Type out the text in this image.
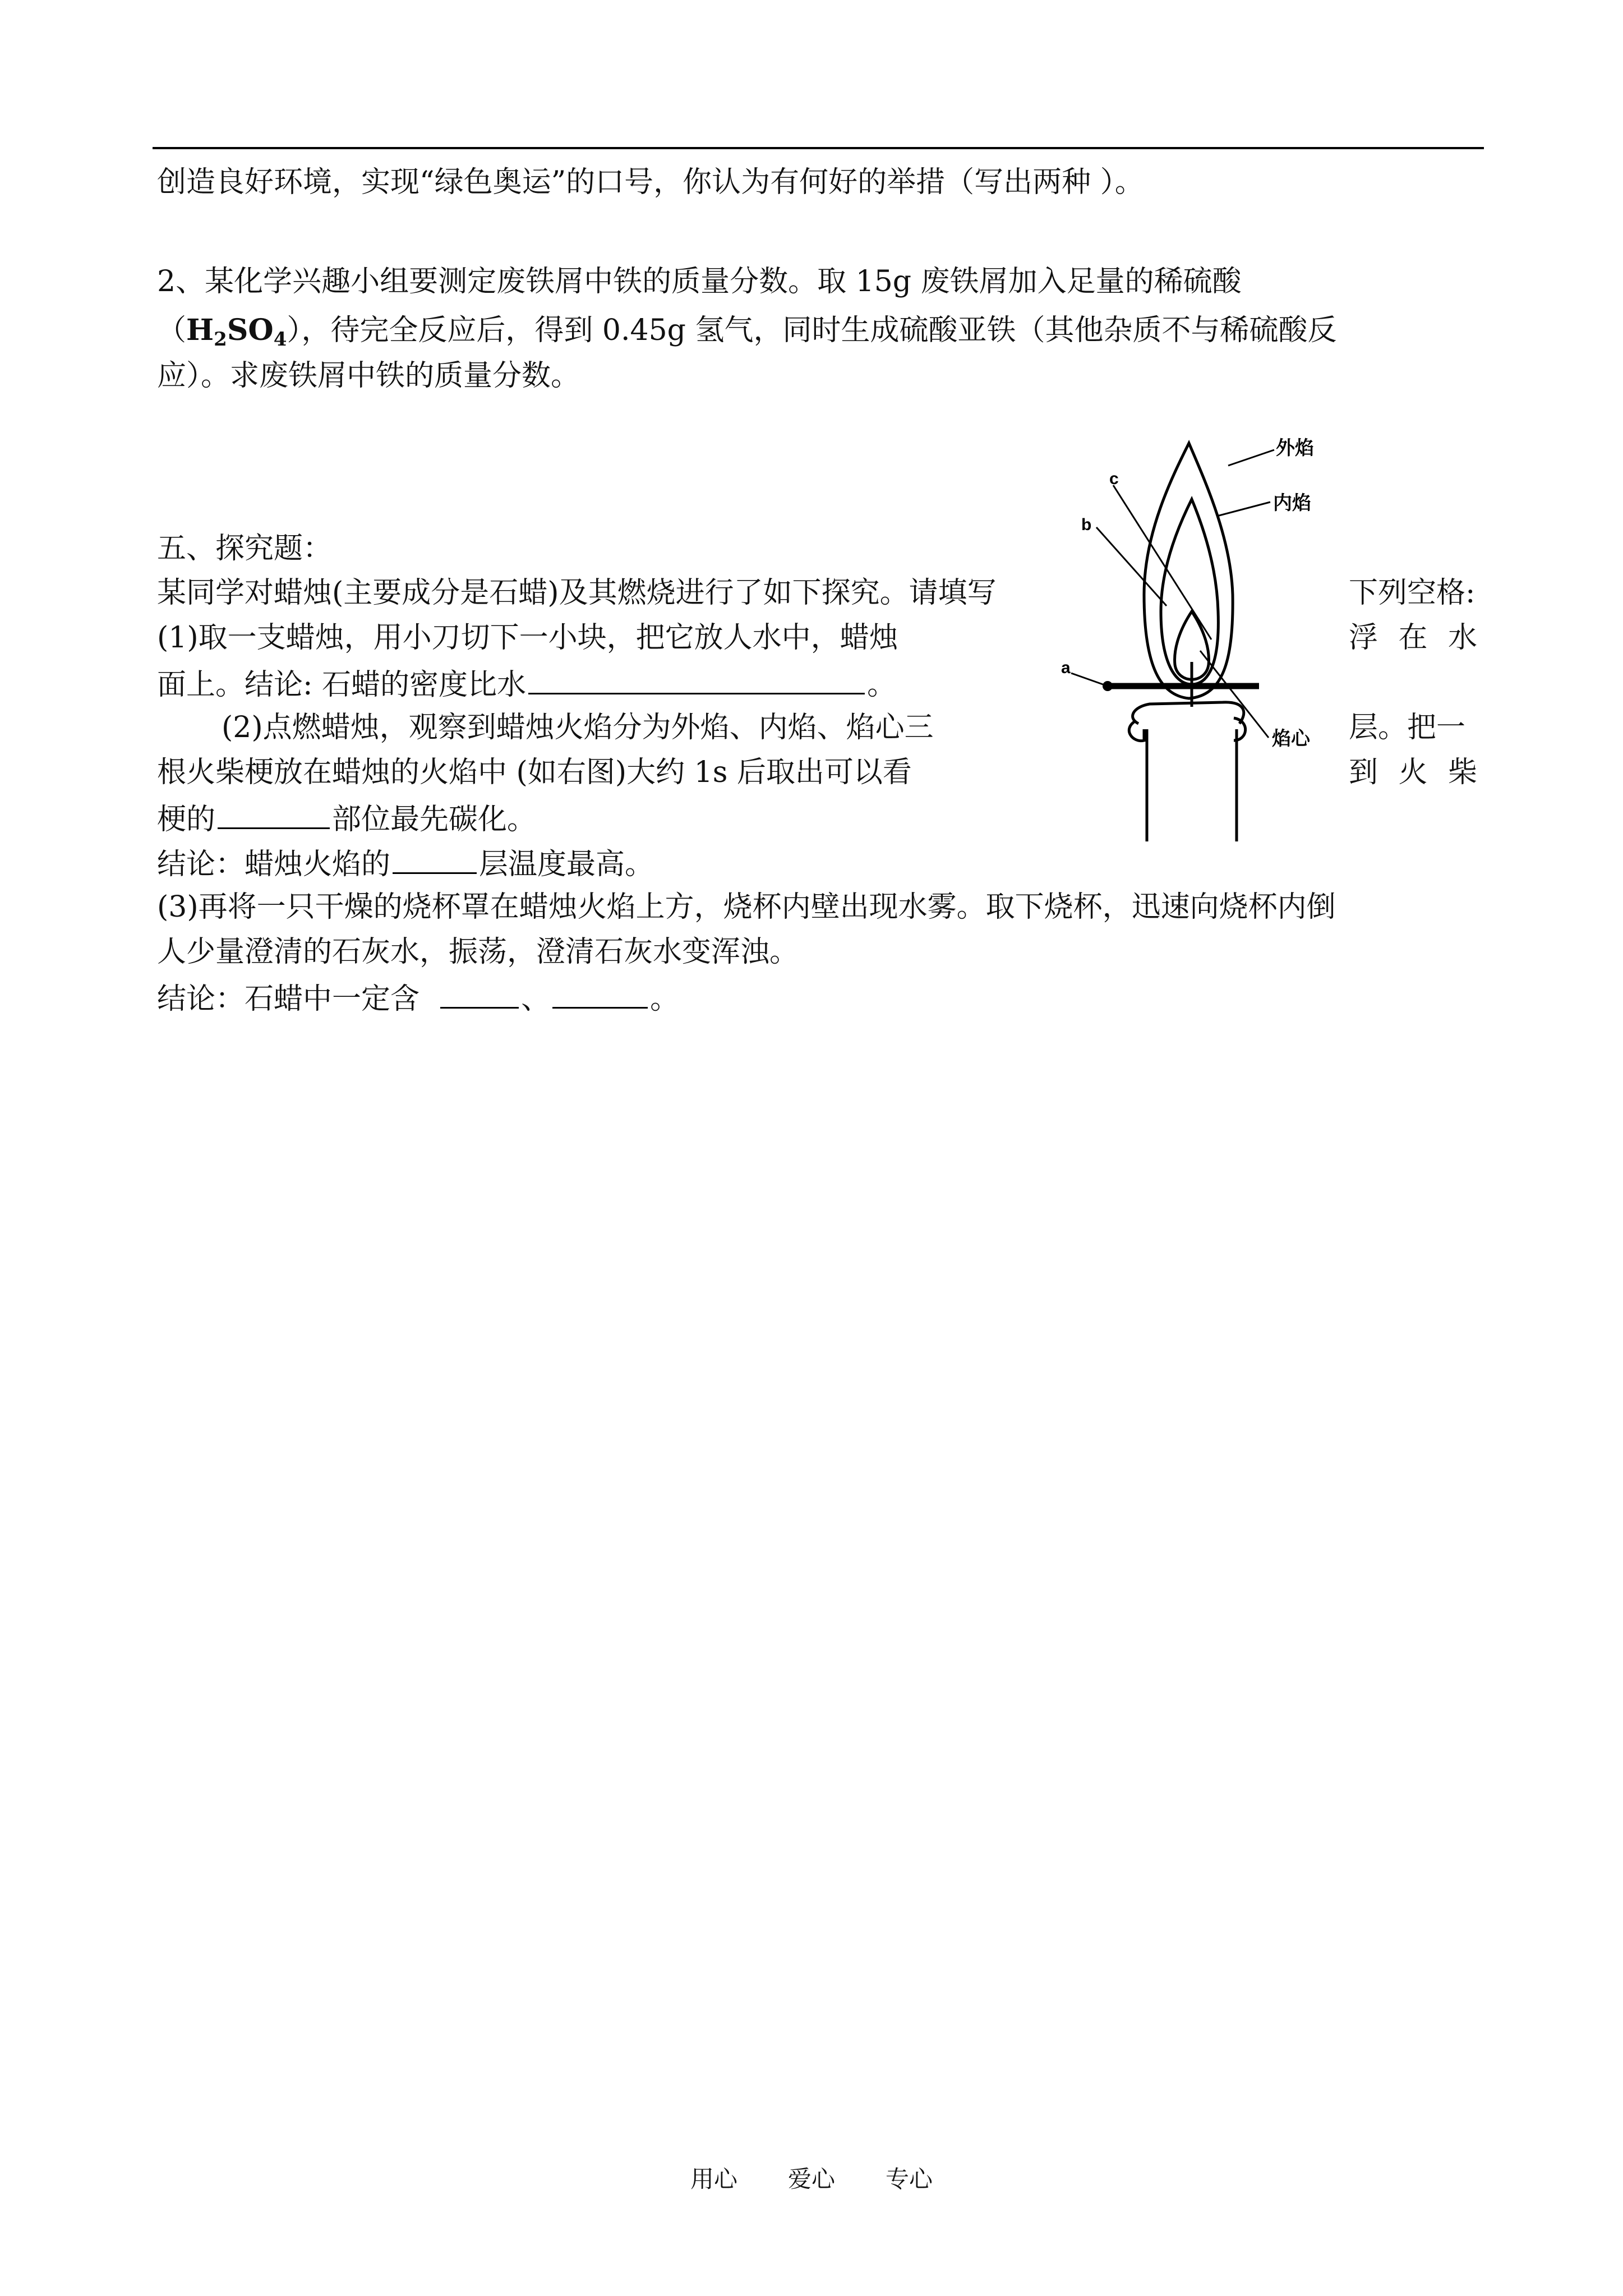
创造良好环境，实现“绿色奥运”的口号，你认为有何好的举措（写出两种 ）。
2、某化学兴趣小组要测定废铁屑中铁的质量分数。取 15g 废铁屑加入足量的稀硫酸
$(H_2SO_4)$，待完全反应后，得到 0.45g 氢气，同时生成硫酸亚铁（其他杂质不与稀硫酸反
应）。求废铁屑中铁的质量分数。
五、探究题：
某同学对蜡烛(主要成分是石蜡)及其燃烧进行了如下探究。请填写	下列空格:
(1)取一支蜡烛，用小刀切下一小块，把它放人水中，蜡烛	浮 在 水
面上。结论: 石蜡的密度比水	。
(2)点燃蜡烛，观察到蜡烛火焰分为外焰、内焰、焰心三	层。把一
根火柴梗放在蜡烛的火焰中 (如右图)大约 1s 后取出可以看	到 火 柴
梗的	部位最先碳化。
结论：蜡烛火焰的	层温度最高。
(3)再将一只干燥的烧杯罩在蜡烛火焰上方，烧杯内壁出现水雾。取下烧杯，迅速向烧杯内倒
人少量澄清的石灰水，振荡，澄清石灰水变浑浊。
结论：石蜡中一定含	、	。
外焰
内焰
焰心
a
b
c
用心 爱心 专心
